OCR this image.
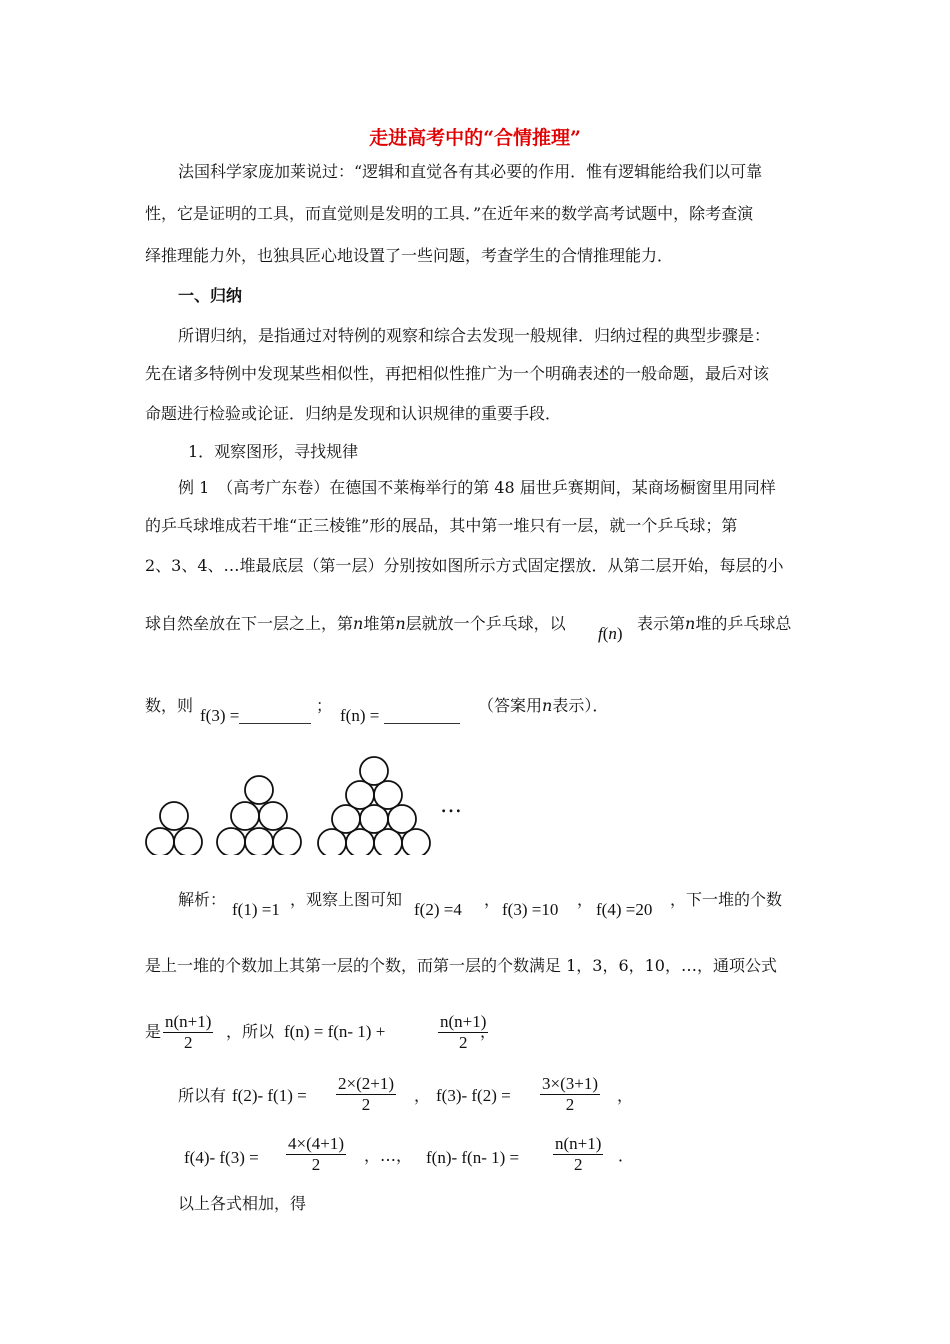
走进高考中的“合情推理”
法国科学家庞加莱说过：“逻辑和直觉各有其必要的作用．惟有逻辑能给我们以可靠
性，它是证明的工具，而直觉则是发明的工具．”在近年来的数学高考试题中，除考查演
绎推理能力外，也独具匠心地设置了一些问题，考查学生的合情推理能力．
一、归纳
所谓归纳，是指通过对特例的观察和综合去发现一般规律．归纳过程的典型步骤是：
先在诸多特例中发现某些相似性，再把相似性推广为一个明确表述的一般命题，最后对该
命题进行检验或论证．归纳是发现和认识规律的重要手段．
1．观察图形，寻找规律
例 1　（高考广东卷）在德国不莱梅举行的第 48 届世乒赛期间，某商场橱窗里用同样
的乒乓球堆成若干堆“正三棱锥”形的展品，其中第一堆只有一层，就一个乒乓球；第
2、3、4、…堆最底层（第一层）分别按如图所示方式固定摆放．从第二层开始，每层的小
球自然垒放在下一层之上，第n堆第n层就放一个乒乓球，以
f(n)
表示第n堆的乒乓球总
数，则
f(3) =
；
f(n) =
（答案用n表示）．
…
解析：
f(1) =1
，观察上图可知
f(2) =4
，
f(3) =10
，
f(4) =20
，下一堆的个数
是上一堆的个数加上其第一层的个数，而第一层的个数满足 1，3，6，10，…，通项公式
是 $\frac{n(n+1)}{2}$ ，所以 f(n) = f(n- 1) +	$\frac{n(n+1)}{2}$
，
所以有 f(2)- $f(1) = \frac{2\times(2+1)}{2}$ ， f(3)- $f(2) = \frac{3\times(3+1)}{2}$ ，
f(4)- $f(3) = \frac{4\times(4+1)}{2}$ ，…， f(n)- f(n- $1) = \frac{n(n+1)}{2}$ ．
以上各式相加，得
